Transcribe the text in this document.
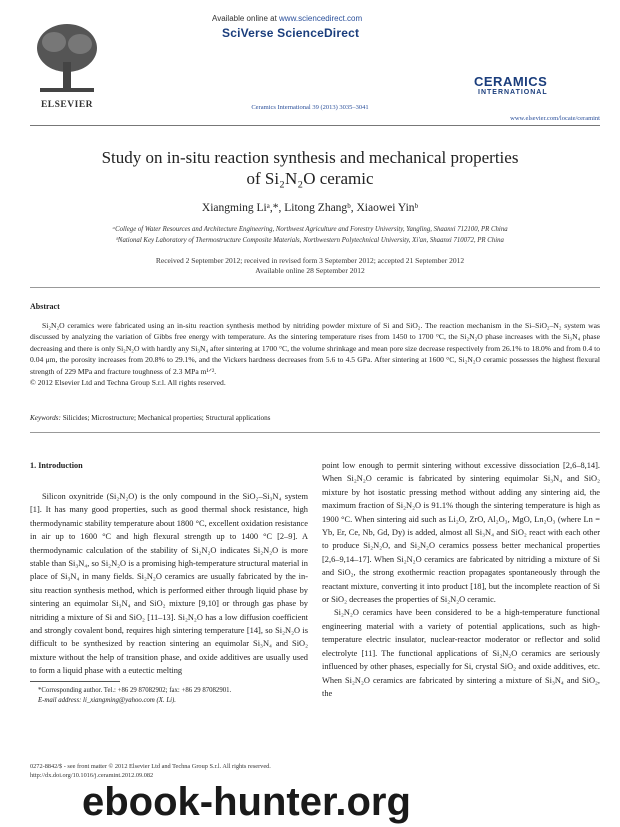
ELSEVIER
Available online at www.sciencedirect.com
SciVerse ScienceDirect
Ceramics International 39 (2013) 3035–3041
CERAMICS
INTERNATIONAL
www.elsevier.com/locate/ceramint
Study on in-situ reaction synthesis and mechanical properties
of Si₂N₂O ceramic
Xiangming Liᵃ,*, Litong Zhangᵇ, Xiaowei Yinᵇ
ᵃCollege of Water Resources and Architecture Engineering, Northwest Agriculture and Forestry University, Yangling, Shaanxi 712100, PR China
ᵇNational Key Laboratory of Thermostructure Composite Materials, Northwestern Polytechnical University, Xi'an, Shaanxi 710072, PR China
Received 2 September 2012; received in revised form 3 September 2012; accepted 21 September 2012
Available online 28 September 2012
Abstract
Si₂N₂O ceramics were fabricated using an in-situ reaction synthesis method by nitriding powder mixture of Si and SiO₂. The reaction mechanism in the Si–SiO₂–N₂ system was discussed by analyzing the variation of Gibbs free energy with temperature. As the sintering temperature rises from 1450 to 1700 °C, the Si₂N₂O phase increases with the Si₃N₄ phase decreasing and there is only Si₂N₂O with hardly any Si₃N₄ after sintering at 1700 °C, the volume shrinkage and mean pore size decrease respectively from 26.1% to 18.0% and from 0.4 to 0.04 μm, the porosity increases from 20.8% to 29.1%, and the Vickers hardness decreases from 5.6 to 4.5 GPa. After sintering at 1600 °C, Si₂N₂O ceramic possesses the highest flexural strength of 229 MPa and fracture toughness of 2.3 MPa m¹ᐟ².
© 2012 Elsevier Ltd and Techna Group S.r.l. All rights reserved.
Keywords: Silicides; Microstructure; Mechanical properties; Structural applications
1. Introduction

Silicon oxynitride (Si₂N₂O) is the only compound in the SiO₂–Si₃N₄ system [1]. It has many good properties, such as good thermal shock resistance, high thermodynamic stability temperature about 1800 °C, excellent oxidation resistance in air up to 1600 °C and high flexural strength up to 1400 °C [2–9]. A thermodynamic calculation of the stability of Si₂N₂O indicates Si₂N₂O is more stable than Si₃N₄, so Si₂N₂O is a promising high-temperature structural material in place of Si₃N₄ in many fields. Si₂N₂O ceramics are usually fabricated by the in-situ reaction synthesis method, which is performed either through liquid phase by sintering an equimolar Si₃N₄ and SiO₂ mixture [9,10] or through gas phase by nitriding a mixture of Si and SiO₂ [11–13]. Si₂N₂O has a low diffusion coefficient and strongly covalent bond, requires high sintering temperature [14], so Si₂N₂O is difficult to be synthesized by reaction sintering an equimolar Si₃N₄ and SiO₂ mixture without the help of transition phase, and oxide additives are usually used to form a liquid phase with a eutectic melting

*Corresponding author. Tel.: +86 29 87082902; fax: +86 29 87082901.
E-mail address: li_xiangming@yahoo.com (X. Li).

point low enough to permit sintering without excessive dissociation [2,6–8,14]. When Si₂N₂O ceramic is fabricated by sintering equimolar Si₃N₄ and SiO₂ mixture by hot isostatic pressing method without adding any sintering aid, the maximum fraction of Si₂N₂O is 91.1% though the sintering temperature is high as 1900 °C. When sintering aid such as Li₂O, ZrO, Al₂O₃, MgO, Ln₂O₃ (where Ln = Yb, Er, Ce, Nb, Gd, Dy) is added, almost all Si₃N₄ and SiO₂ react with each other to produce Si₂N₂O, and Si₂N₂O ceramics possess better mechanical properties [2,6–9,14–17]. When Si₂N₂O ceramics are fabricated by nitriding a mixture of Si and SiO₂, the strong exothermic reaction propagates spontaneously through the reactant mixture, converting it into product [18], but the incomplete reaction of Si or SiO₂ decreases the properties of Si₂N₂O ceramic.

Si₂N₂O ceramics have been considered to be a high-temperature functional engineering material with a variety of potential applications, such as high-temperature electric insulator, nuclear-reactor moderator or reflector and solid electrolyte [11]. The functional applications of Si₂N₂O ceramics are seriously influenced by other phases, especially for Si, crystal SiO₂ and oxide additives, etc. When Si₂N₂O ceramics are fabricated by sintering a mixture of Si₃N₄ and SiO₂, the

0272-8842/$ - see front matter © 2012 Elsevier Ltd and Techna Group S.r.l. All rights reserved.
http://dx.doi.org/10.1016/j.ceramint.2012.09.082
ebook-hunter.org
